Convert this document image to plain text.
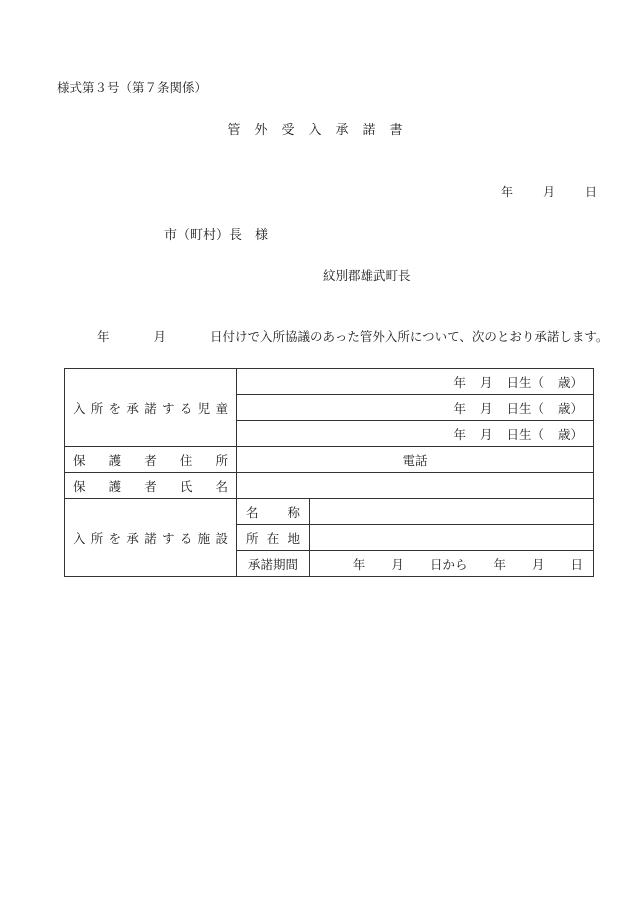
様式第３号（第７条関係）
管外受入承諾書
年	月	日
市（町村）長　様
紋別郡雄武町長
年	月	日付けで入所協議のあった管外入所について、次のとおり承諾します。
入所を承諾する児童	年 月 日生（ 歳）	
	年 月 日生（ 歳）	
	年 月 日生（ 歳）	
保護者住所	電話	
保護者氏名		
入所を承諾する施設	名称	
	所在地	
	承諾期間	年 月 日から 年 月 日
